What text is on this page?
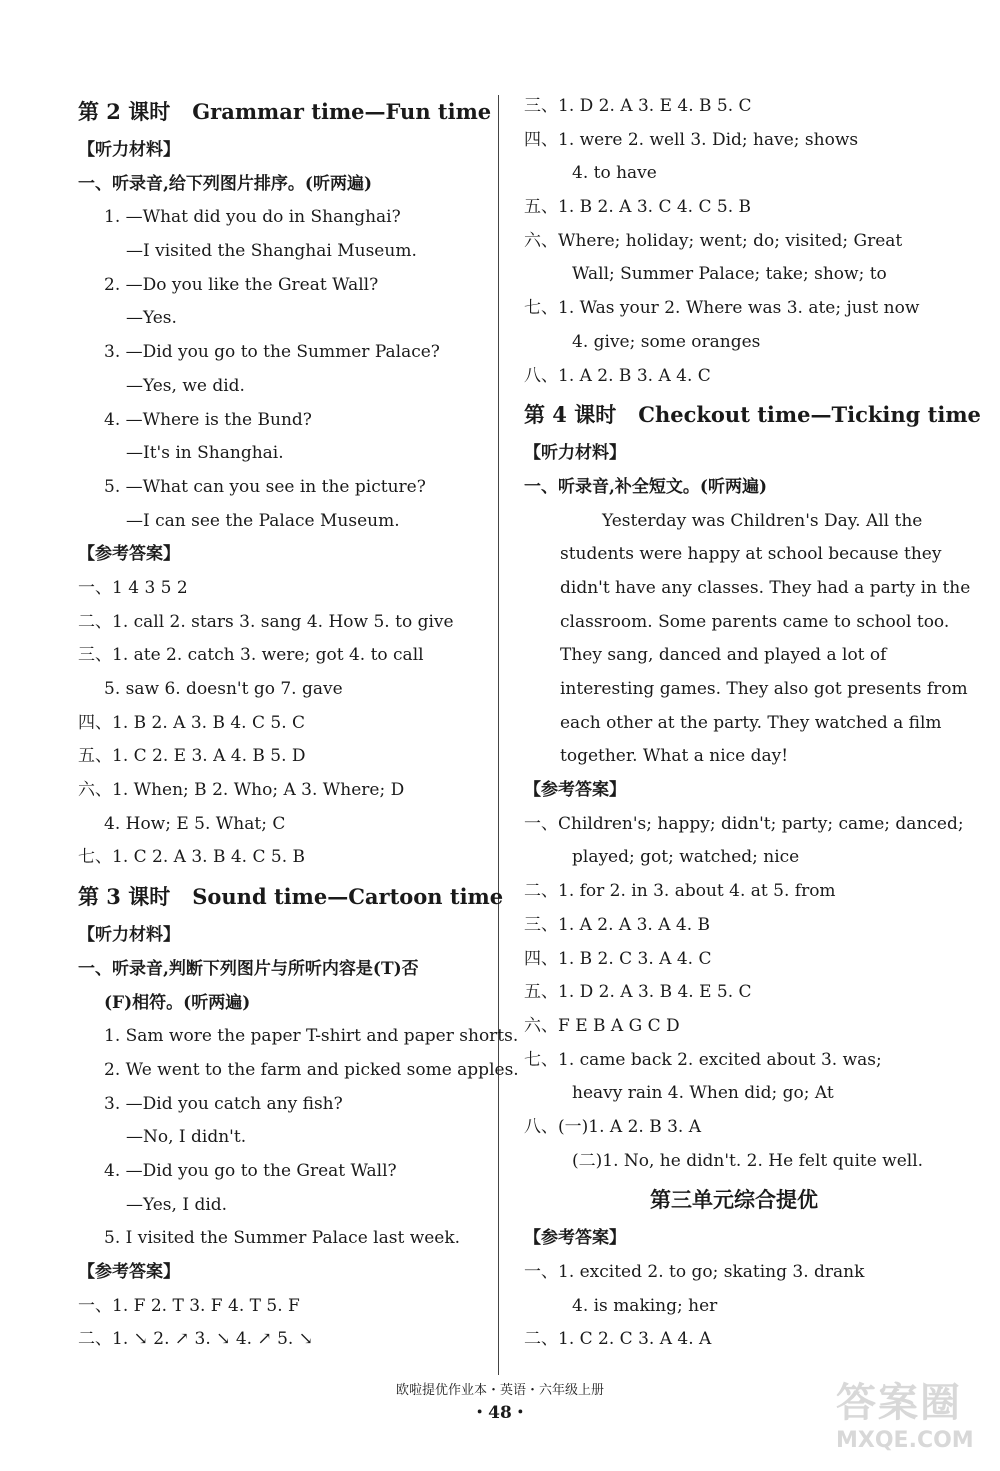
第 2 课时 Grammar time—Fun time
【听力材料】
一、听录音,给下列图片排序。(听两遍)
1. —What did you do in Shanghai?
—I visited the Shanghai Museum.
2. —Do you like the Great Wall?
—Yes.
3. —Did you go to the Summer Palace?
—Yes, we did.
4. —Where is the Bund?
—It's in Shanghai.
5. —What can you see in the picture?
—I can see the Palace Museum.
【参考答案】
一、1 4 3 5 2
二、1. call 2. stars 3. sang 4. How 5. to give
三、1. ate 2. catch 3. were; got 4. to call
5. saw 6. doesn't go 7. gave
四、1. B 2. A 3. B 4. C 5. C
五、1. C 2. E 3. A 4. B 5. D
六、1. When; B 2. Who; A 3. Where; D
4. How; E 5. What; C
七、1. C 2. A 3. B 4. C 5. B
第 3 课时 Sound time—Cartoon time
【听力材料】
一、听录音,判断下列图片与所听内容是(T)否
(F)相符。(听两遍)
1. Sam wore the paper T-shirt and paper shorts.
2. We went to the farm and picked some apples.
3. —Did you catch any fish?
—No, I didn't.
4. —Did you go to the Great Wall?
—Yes, I did.
5. I visited the Summer Palace last week.
【参考答案】
一、1. F 2. T 3. F 4. T 5. F
二、1. ↘ 2. ↗ 3. ↘ 4. ↗ 5. ↘
三、1. D 2. A 3. E 4. B 5. C
四、1. were 2. well 3. Did; have; shows
4. to have
五、1. B 2. A 3. C 4. C 5. B
六、Where; holiday; went; do; visited; Great
Wall; Summer Palace; take; show; to
七、1. Was your 2. Where was 3. ate; just now
4. give; some oranges
八、1. A 2. B 3. A 4. C
第 4 课时 Checkout time—Ticking time
【听力材料】
一、听录音,补全短文。(听两遍)
Yesterday was Children's Day. All the
students were happy at school because they
didn't have any classes. They had a party in the
classroom. Some parents came to school too.
They sang, danced and played a lot of
interesting games. They also got presents from
each other at the party. They watched a film
together. What a nice day!
【参考答案】
一、Children's; happy; didn't; party; came; danced;
played; got; watched; nice
二、1. for 2. in 3. about 4. at 5. from
三、1. A 2. A 3. A 4. B
四、1. B 2. C 3. A 4. C
五、1. D 2. A 3. B 4. E 5. C
六、F E B A G C D
七、1. came back 2. excited about 3. was;
heavy rain 4. When did; go; At
八、(一)1. A 2. B 3. A
(二)1. No, he didn't. 2. He felt quite well.
第三单元综合提优
【参考答案】
一、1. excited 2. to go; skating 3. drank
4. is making; her
二、1. C 2. C 3. A 4. A
欧啦提优作业本・英语・六年级上册
・48・	答案圈
MXQE.COM
